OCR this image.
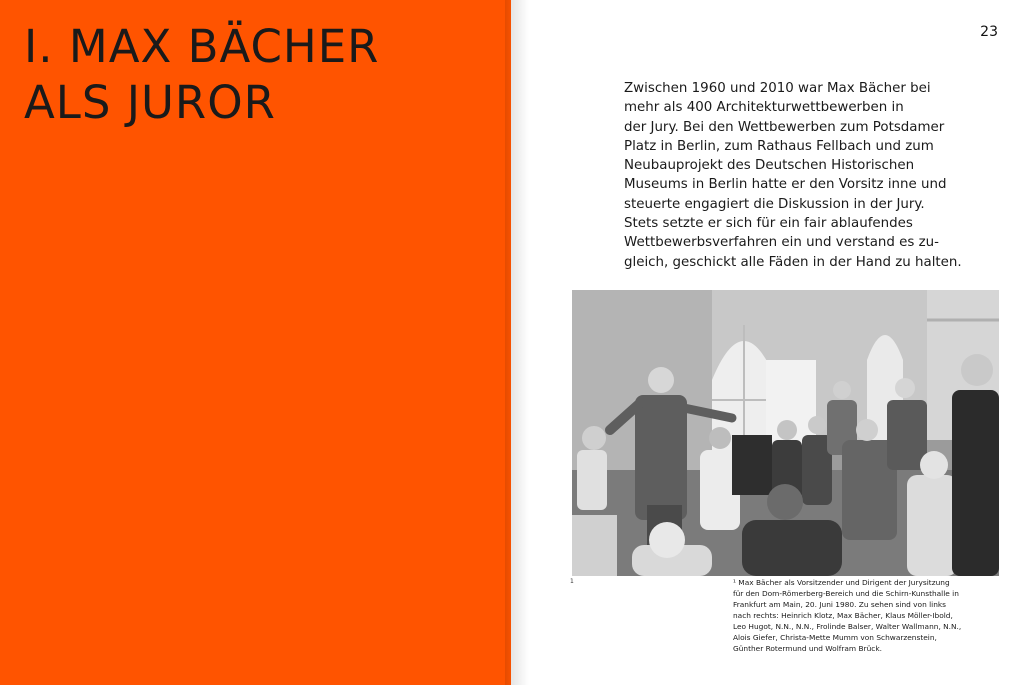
I. MAX BÄCHER
ALS JUROR
23

Zwischen 1960 und 2010 war Max Bächer bei
mehr als 400 Architekturwettbewerben in
der Jury. Bei den Wettbewerben zum Potsdamer
Platz in Berlin, zum Rathaus Fellbach und zum
Neubauprojekt des Deutschen Historischen
Museums in Berlin hatte er den Vorsitz inne und
steuerte engagiert die Diskussion in der Jury.
Stets setzte er sich für ein fair ablaufendes
Wettbewerbsverfahren ein und verstand es zu-
gleich, geschickt alle Fäden in der Hand zu halten.

1	¹ Max Bächer als Vorsitzender und Dirigent der Jurysitzung
für den Dom-Römerberg-Bereich und die Schirn-Kunsthalle in
Frankfurt am Main, 20. Juni 1980. Zu sehen sind von links
nach rechts: Heinrich Klotz, Max Bächer, Klaus Möller-Ibold,
Leo Hugot, N.N., N.N., Frolinde Balser, Walter Wallmann, N.N.,
Alois Giefer, Christa-Mette Mumm von Schwarzenstein,
Günther Rotermund und Wolfram Brück.
